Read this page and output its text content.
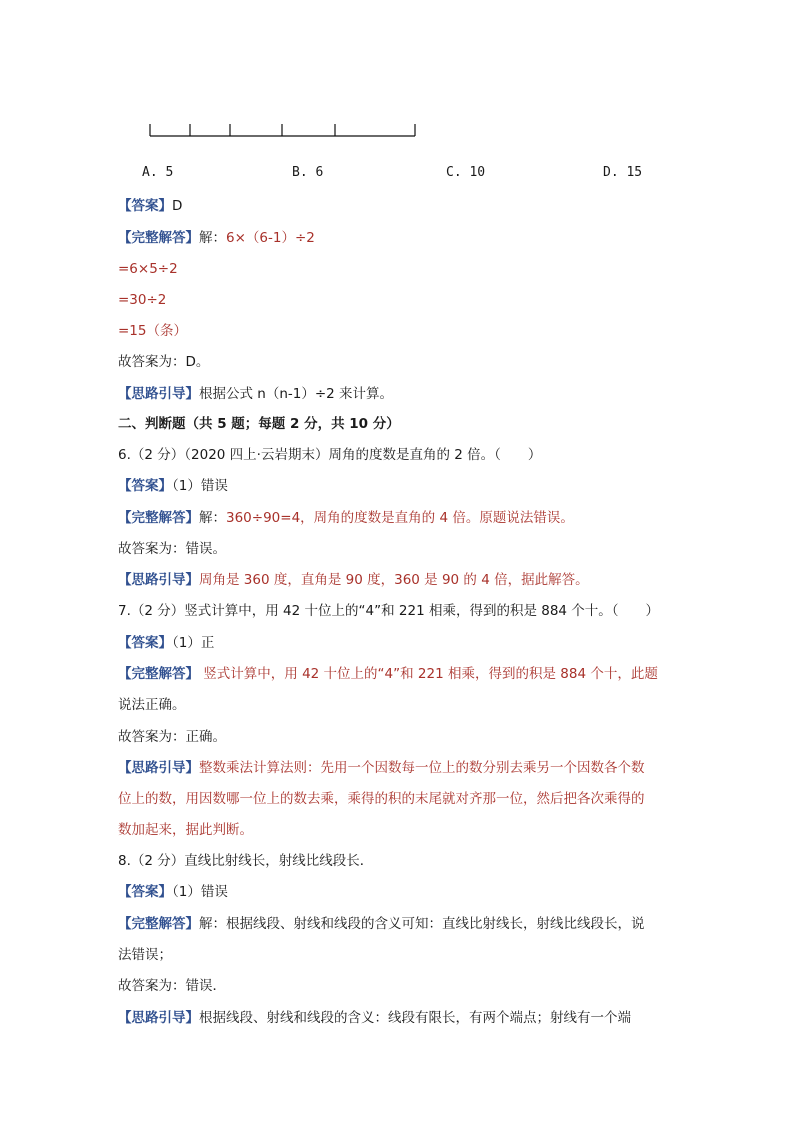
A. 5	B. 6	C. 10	D. 15
【答案】D
【完整解答】解：6×（6-1）÷2
=6×5÷2
=30÷2
=15（条）
故答案为：D。
【思路引导】根据公式 n（n-1）÷2 来计算。
二、判断题（共 5 题；每题 2 分，共 10 分）
6.（2 分）（2020 四上·云岩期末）周角的度数是直角的 2 倍。（　　）
【答案】（1）错误
【完整解答】解：360÷90=4，周角的度数是直角的 4 倍。原题说法错误。
故答案为：错误。
【思路引导】周角是 360 度，直角是 90 度，360 是 90 的 4 倍，据此解答。
7.（2 分）竖式计算中，用 42 十位上的“4”和 221 相乘，得到的积是 884 个十。（　　）
【答案】（1）正
【完整解答】 竖式计算中，用 42 十位上的“4”和 221 相乘，得到的积是 884 个十，此题
说法正确。
故答案为：正确。
【思路引导】整数乘法计算法则：先用一个因数每一位上的数分别去乘另一个因数各个数
位上的数，用因数哪一位上的数去乘，乘得的积的末尾就对齐那一位，然后把各次乘得的
数加起来，据此判断。
8.（2 分）直线比射线长，射线比线段长．
【答案】（1）错误
【完整解答】解：根据线段、射线和线段的含义可知：直线比射线长，射线比线段长，说
法错误；
故答案为：错误．
【思路引导】根据线段、射线和线段的含义：线段有限长，有两个端点；射线有一个端
